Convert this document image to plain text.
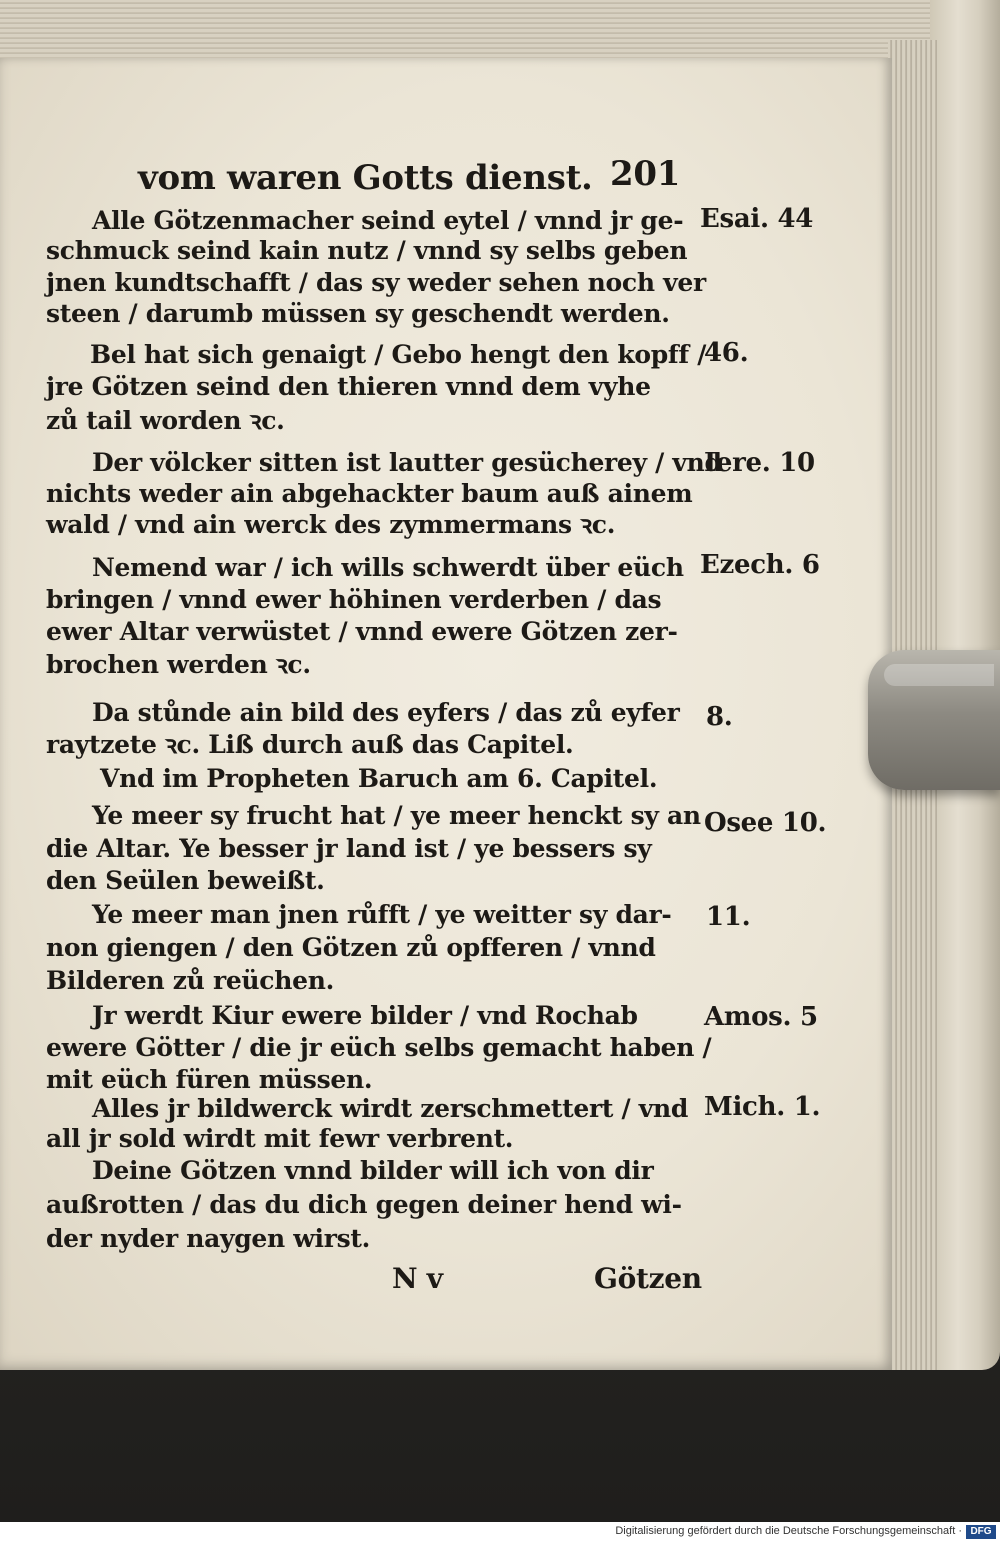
vom waren Gotts dienst. 201
Alle Götzenmacher seind eytel / vnnd jr ge-
schmuck seind kain nutz / vnnd sy selbs geben
jnen kundtschafft / das sy weder sehen noch ver
steen / darumb müssen sy geschendt werden.
Bel hat sich genaigt / Gebo hengt den kopff /
jre Götzen seind den thieren vnnd dem vyhe
zů tail worden ꝛc.
Der völcker sitten ist lautter gesücherey / vnd
nichts weder ain abgehackter baum auß ainem
wald / vnd ain werck des zymmermans ꝛc.
Nemend war / ich wills schwerdt über eüch
bringen / vnnd ewer höhinen verderben / das
ewer Altar verwüstet / vnnd ewere Götzen zer-
brochen werden ꝛc.
Da stůnde ain bild des eyfers / das zů eyfer
raytzete ꝛc. Liß durch auß das Capitel.
Vnd im Propheten Baruch am 6. Capitel.
Ye meer sy frucht hat / ye meer henckt sy an
die Altar. Ye besser jr land ist / ye bessers sy
den Seülen beweißt.
Ye meer man jnen růfft / ye weitter sy dar-
non giengen / den Götzen zů opfferen / vnnd
Bilderen zů reüchen.
Jr werdt Kiur ewere bilder / vnd Rochab
ewere Götter / die jr eüch selbs gemacht haben /
mit eüch füren müssen.
Alles jr bildwerck wirdt zerschmettert / vnd
all jr sold wirdt mit fewr verbrent.
Deine Götzen vnnd bilder will ich von dir
außrotten / das du dich gegen deiner hend wi-
der nyder naygen wirst.
Esai. 44
46.
Iere. 10
Ezech. 6
8.
Osee 10.
11.
Amos. 5
Mich. 1.
N v	Götzen
Digitalisierung gefördert durch die Deutsche Forschungsgemeinschaft · DFG
